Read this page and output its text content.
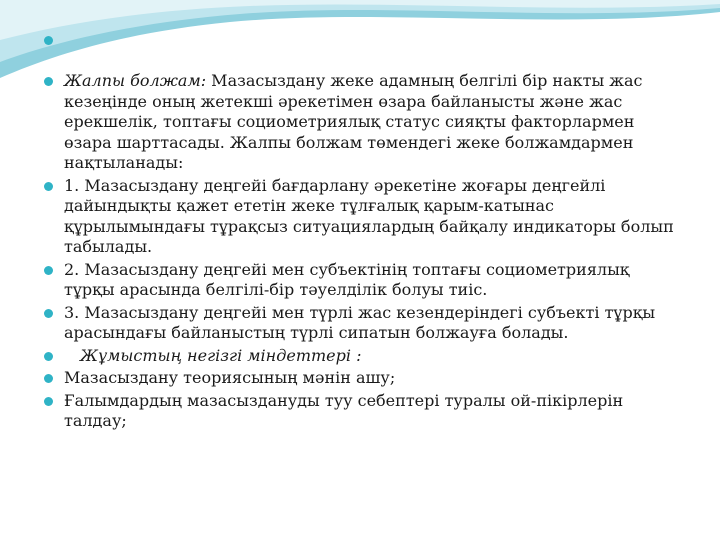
Жалпы болжам: Мазасыздану жеке адамның белгілі бір накты жас кезеңінде оның жетекші әрекетімен өзара байланысты және жас ерекшелік, топтағы социометриялық статус сияқты факторлармен өзара шарттасады. Жалпы болжам төмендегі жеке болжамдармен нақтыланады:
1. Мазасыздану деңгейі бағдарлану әрекетіне жоғары деңгейлі дайындықты қажет ететін жеке тұлғалық қарым-катынас құрылымындағы тұрақсыз ситуациялардың байқалу индикаторы болып табылады.
2. Мазасыздану деңгейі мен субъектінің топтағы социометриялық тұрқы арасында белгілі-бір тәуелділік болуы тиіс.
3. Мазасыздану деңгейі мен түрлі жас кезендеріндегі субъекті тұрқы арасындағы байланыстың түрлі сипатын болжауға болады.
Жұмыстың негізгі міндеттері :
Мазасыздану теориясының мәнін ашу;
Ғалымдардың мазасыздануды туу себептері туралы ой-пікірлерін талдау;
